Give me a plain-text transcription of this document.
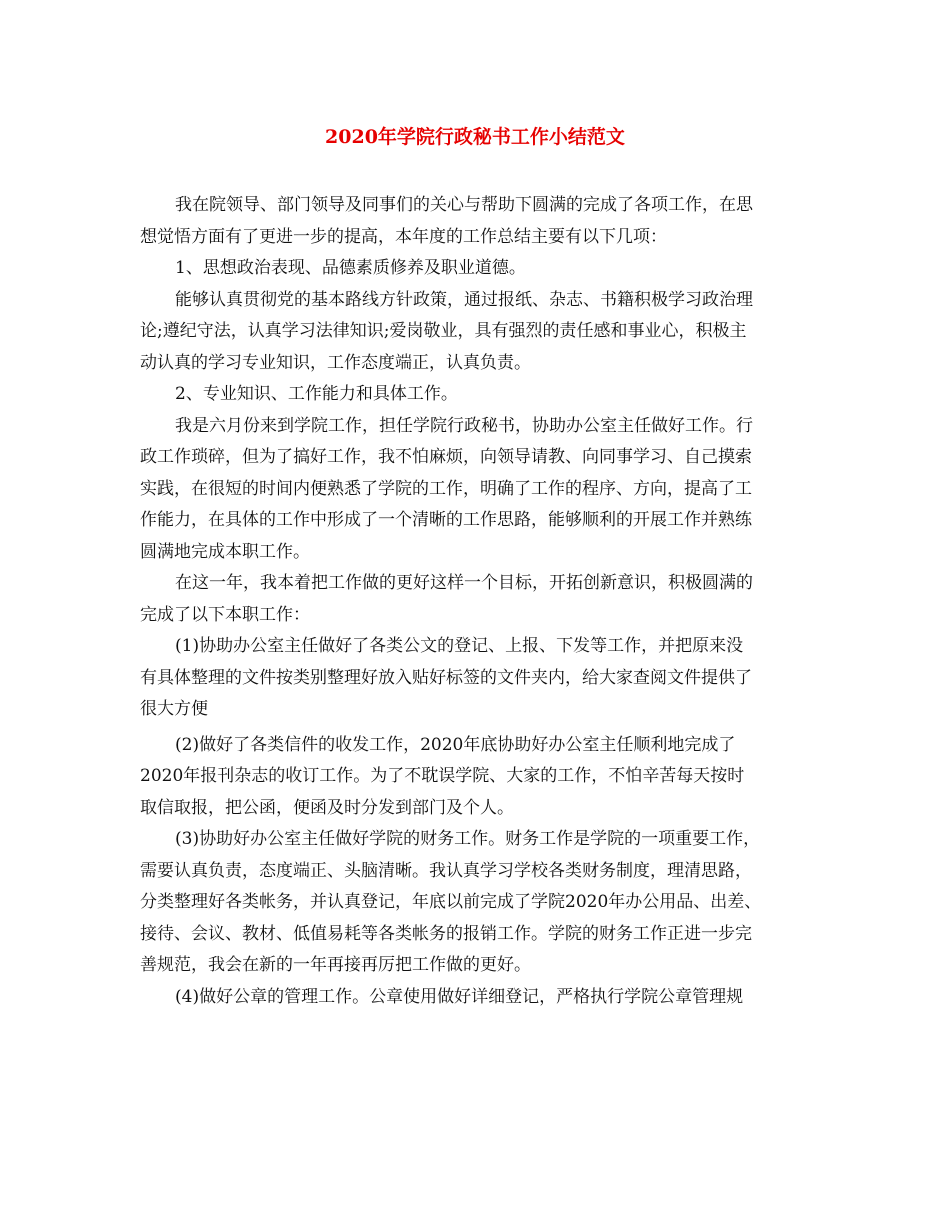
2020年学院行政秘书工作小结范文
我在院领导、部门领导及同事们的关心与帮助下圆满的完成了各项工作，在思
想觉悟方面有了更进一步的提高，本年度的工作总结主要有以下几项：
1、思想政治表现、品德素质修养及职业道德。
能够认真贯彻党的基本路线方针政策，通过报纸、杂志、书籍积极学习政治理
论;遵纪守法，认真学习法律知识;爱岗敬业，具有强烈的责任感和事业心，积极主
动认真的学习专业知识，工作态度端正，认真负责。
2、专业知识、工作能力和具体工作。
我是六月份来到学院工作，担任学院行政秘书，协助办公室主任做好工作。行
政工作琐碎，但为了搞好工作，我不怕麻烦，向领导请教、向同事学习、自己摸索
实践，在很短的时间内便熟悉了学院的工作，明确了工作的程序、方向，提高了工
作能力，在具体的工作中形成了一个清晰的工作思路，能够顺利的开展工作并熟练
圆满地完成本职工作。
在这一年，我本着把工作做的更好这样一个目标，开拓创新意识，积极圆满的
完成了以下本职工作：
(1)协助办公室主任做好了各类公文的登记、上报、下发等工作，并把原来没
有具体整理的文件按类别整理好放入贴好标签的文件夹内，给大家查阅文件提供了
很大方便
(2)做好了各类信件的收发工作，2020年底协助好办公室主任顺利地完成了
2020年报刊杂志的收订工作。为了不耽误学院、大家的工作，不怕辛苦每天按时
取信取报，把公函，便函及时分发到部门及个人。
(3)协助好办公室主任做好学院的财务工作。财务工作是学院的一项重要工作，
需要认真负责，态度端正、头脑清晰。我认真学习学校各类财务制度，理清思路，
分类整理好各类帐务，并认真登记，年底以前完成了学院2020年办公用品、出差、
接待、会议、教材、低值易耗等各类帐务的报销工作。学院的财务工作正进一步完
善规范，我会在新的一年再接再厉把工作做的更好。
(4)做好公章的管理工作。公章使用做好详细登记，严格执行学院公章管理规
